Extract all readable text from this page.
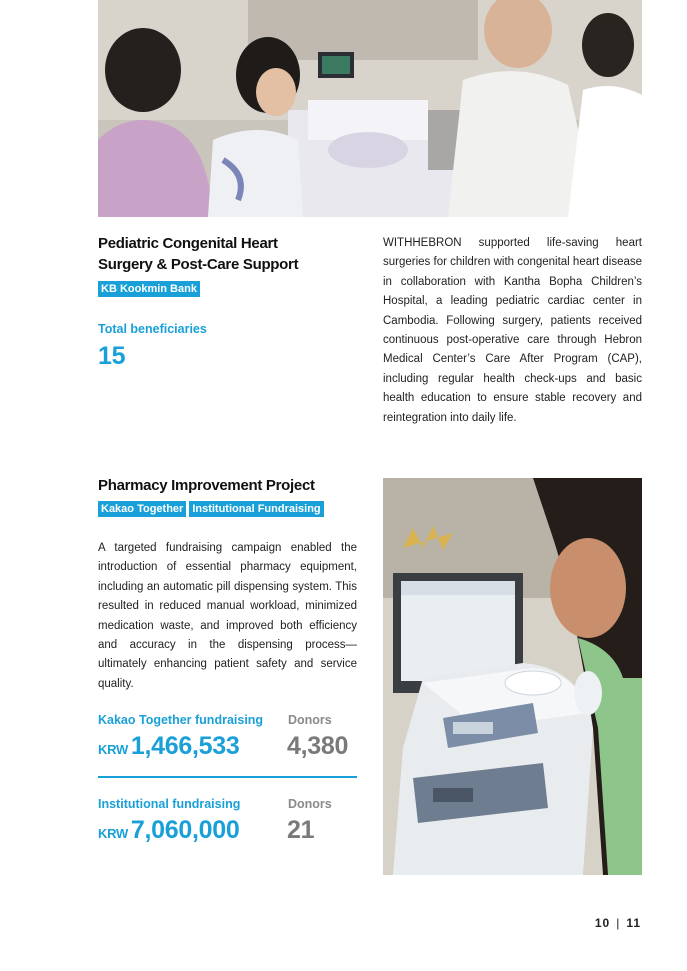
Pediatric Congenital Heart
Surgery & Post-Care Support
KB Kookmin Bank
Total beneficiaries
15
WITHHEBRON supported life-saving heart surgeries for children with congenital heart disease in collaboration with Kantha Bopha Children’s Hospital, a leading pediatric cardiac center in Cambodia. Following surgery, patients received continuous post-operative care through Hebron Medical Center’s Care After Program (CAP), including regular health check-ups and basic health education to ensure stable recovery and reintegration into daily life.
Pharmacy Improvement Project
Kakao Together Institutional Fundraising
A targeted fundraising campaign enabled the introduction of essential pharmacy equipment, including an automatic pill dispensing system. This resulted in reduced manual workload, minimized medication waste, and improved both efficiency and accuracy in the dispensing process—ultimately enhancing patient safety and service quality.
Kakao Together fundraising Donors
KRW 1,466,533 4,380
Institutional fundraising	Donors
KRW 7,060,000 21
10 | 11
